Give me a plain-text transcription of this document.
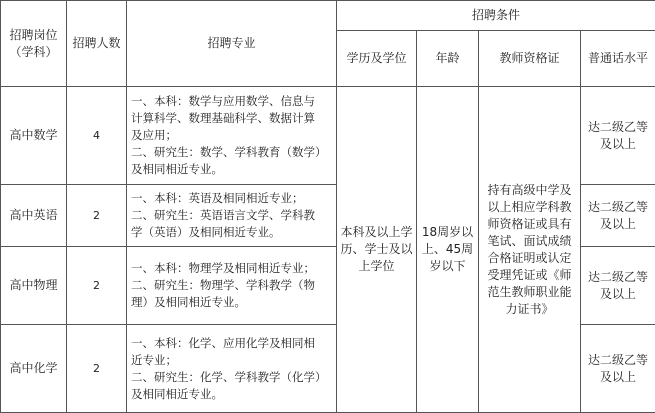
招聘岗位（学科）	招聘人数	招聘专业	招聘条件			
			学历及学位	年龄	教师资格证	普通话水平
高中数学	4	一、本科：数学与应用数学、信息与
计算科学、数理基础科学、数据计算
及应用；
二、研究生：数学、学科教育（数学）
及相同相近专业。	本科及以上学历、学士及以上学位	18周岁以上、45周岁以下	持有高级中学及以上相应学科教师资格证或具有笔试、面试成绩合格证明或认定受理凭证或《师范生教师职业能力证书》	达二级乙等及以上
高中英语	2	一、本科：英语及相同相近专业；
二、研究生：英语语言文学、学科教
学（英语）及相同相近专业。				达二级乙等及以上
高中物理	2	一、本科：物理学及相同相近专业；
二、研究生：物理学、学科教学（物
理）及相同相近专业。				达二级乙等及以上
高中化学	2	一、本科：化学、应用化学及相同相
近专业；
二、研究生：化学、学科教学（化学）
及相同相近专业。				达二级乙等及以上
